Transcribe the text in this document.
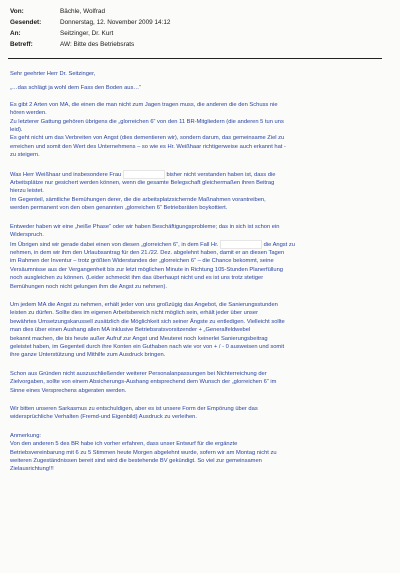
Von:	Bächle, Wolfrad
Gesendet:	Donnerstag, 12. November 2009 14:12
An:	Seitzinger, Dr. Kurt
Betreff:	AW: Bitte des Betriebsrats

Sehr geehrter Herr Dr. Seitzinger,

„…das schlägt ja wohl dem Fass den Boden aus…“

Es gibt 2 Arten von MA, die einen die man nicht zum Jagen tragen muss, die anderen die den Schuss nie

hören werden.

Zu letzterer Gattung gehören übrigens die „glorreichen 6“ von den 11 BR-Mitgliedern (die anderen 5 tun uns

leid).

Es geht nicht um das Verbreiten von Angst (dies dementieren wir), sondern darum, das gemeinsame Ziel zu

erreichen und somit den Wert des Unternehmens – so wie es Hr. Weißhaar richtigerweise auch erkannt hat -

zu steigern.

Was Herr Weißhaar und insbesondere Frau	bisher nicht verstanden haben ist, dass die

Arbeitsplätze nur gesichert werden können, wenn die gesamte Belegschaft gleichermaßen ihren Beitrag

hierzu leistet.

Im Gegenteil, sämtliche Bemühungen derer, die die arbeitsplatzsichernde Maßnahmen vorantreiben,

werden permanent von den oben genannten „glorreichen 6“ Betriebsräten boykottiert.

Entweder haben wir eine „heiße Phase“ oder wir haben Beschäftigungsprobleme; das in sich ist schon ein

Widerspruch.

Im Übrigen sind wir gerade dabei einen von diesen „glorreichen 6“, in dem Fall Hr.	die Angst zu

nehmen, in dem wir ihm den Urlaubsantrag für den 21./22. Dez. abgelehnt haben, damit er an diesen Tagen

im Rahmen der Inventur – trotz größten Widerstandes der „glorreichen 6“ – die Chance bekommt, seine

Versäumnisse aus der Vergangenheit bis zur letzt möglichen Minute in Richtung 105-Stunden Planerfüllung

noch ausgleichen zu können. (Leider schmeckt ihm das überhaupt nicht und es ist uns trotz stetiger

Bemühungen noch nicht gelungen ihm die Angst zu nehmen).

Um jedem MA die Angst zu nehmen, erhält jeder von uns großzügig das Angebot, die Sanierungsstunden

leisten zu dürfen. Sollte dies im eigenen Arbeitsbereich nicht möglich sein, erhält jeder über unser

bewährtes Umsetzungskarussell zusätzlich die Möglichkeit sich seiner Ängste zu entledigen. Vielleicht sollte

man dies über einen Aushang allen MA inklusive Betriebsratsvorsitzender + „Generalfeldwebel

bekannt machen, die bis heute außer Aufruf zur Angst und Meuterei noch keinerlei Sanierungsbeitrag

geleistet haben, im Gegenteil durch ihre Konten ein Guthaben nach wie vor von + / - 0 ausweisen und somit

ihre ganze Unterstützung und Mithilfe zum Ausdruck bringen.

Schon aus Gründen nicht auszuschließender weiterer Personalanpassungen bei Nichterreichung der

Zielvorgaben, sollte von einem Absicherungs-Aushang entsprechend dem Wunsch der „glorreichen 6“ im

Sinne eines Versprechens abgeraten werden.

Wir bitten unseren Sarkasmus zu entschuldigen, aber es ist unsere Form der Empörung über das

widersprüchliche Verhalten (Fremd-und Eigenbild) Ausdruck zu verleihen.

Anmerkung:

Von den anderen 5 des BR habe ich vorher erfahren, dass unser Entwurf für die ergänzte

Betriebsvereinbarung mit 6 zu 5 Stimmen heute Morgen abgelehnt wurde, sofern wir am Montag nicht zu

weiteren Zugeständnissen bereit sind wird die bestehende BV gekündigt. So viel zur gemeinsamen

Zielausrichtung!!!
